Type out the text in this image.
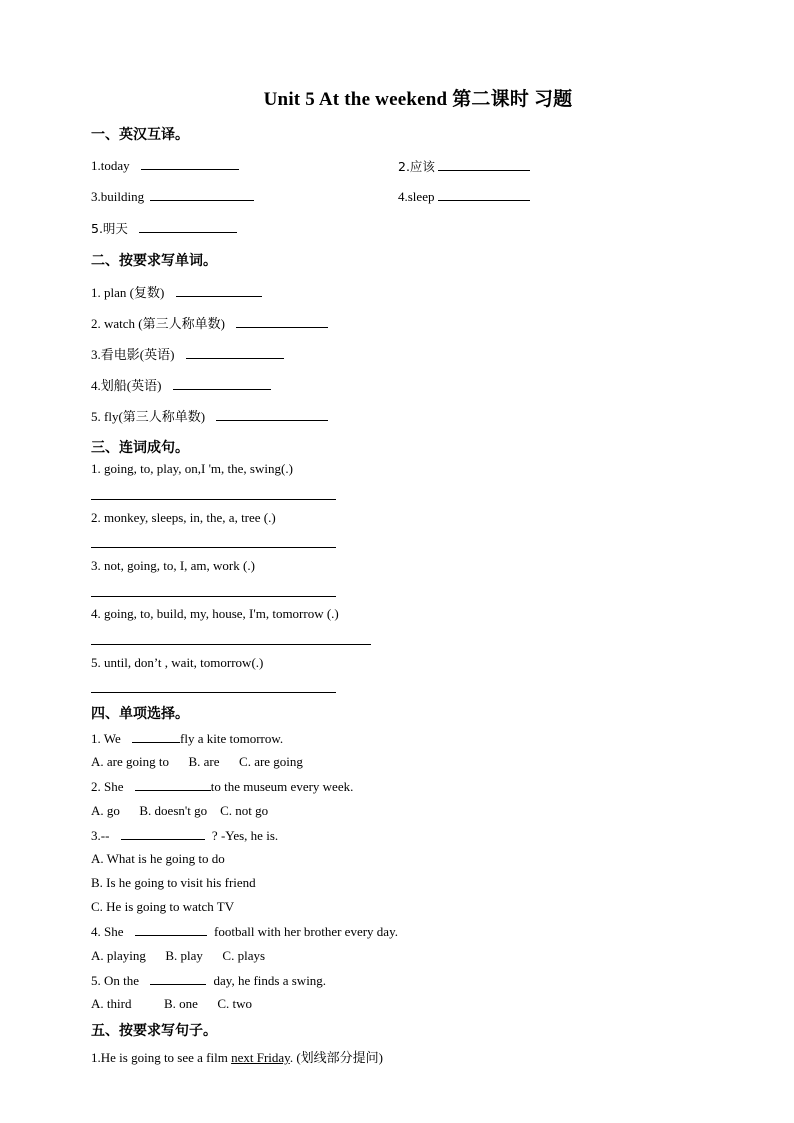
Unit 5 At the weekend 第二课时 习题
一、英汉互译。
1.today	2.应该
3.building	4.sleep
5.明天
二、按要求写单词。
1. plan (复数)
2. watch (第三人称单数)
3.看电影(英语)
4.划船(英语)
5. fly(第三人称单数)
三、连词成句。
1. going, to, play, on,I 'm, the, swing(.)
2. monkey, sleeps, in, the, a, tree (.)
3. not, going, to, I, am, work (.)
4. going, to, build, my, house, I'm, tomorrow (.)
5. until, don’t , wait, tomorrow(.)
四、单项选择。
1. We	fly a kite tomorrow.
A. are going to      B. are      C. are going
2. She	to the museum every week.
A. go      B. doesn't go    C. not go
3.--	? -Yes, he is.
A. What is he going to do
B. Is he going to visit his friend
C. He is going to watch TV
4. She	football with her brother every day.
A. playing      B. play      C. plays
5. On the	day, he finds a swing.
A. third          B. one      C. two
五、按要求写句子。
1.He is going to see a film next Friday. (划线部分提问)
